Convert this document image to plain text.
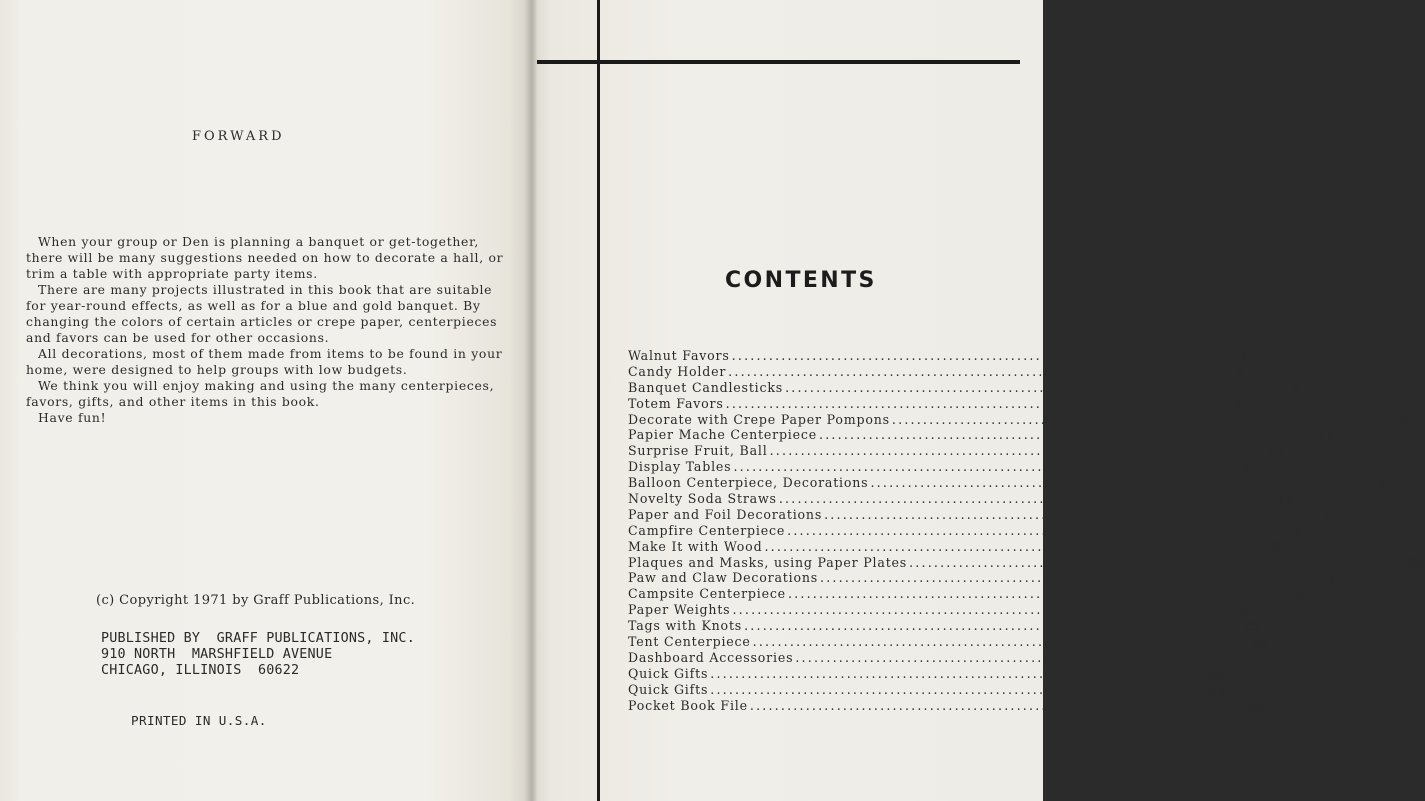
FORWARD

When your group or Den is planning a banquet or get-together, there will be many suggestions needed on how to decorate a hall, or trim a table with appropriate party items.

There are many projects illustrated in this book that are suitable for year-round effects, as well as for a blue and gold banquet. By changing the colors of certain articles or crepe paper, centerpieces and favors can be used for other occasions.

All decorations, most of them made from items to be found in your home, were designed to help groups with low budgets.

We think you will enjoy making and using the many centerpieces, favors, gifts, and other items in this book.

Have fun!

(c) Copyright 1971 by Graff Publications, Inc.
PUBLISHED BY  GRAFF PUBLICATIONS, INC.
910 NORTH  MARSHFIELD AVENUE
CHICAGO, ILLINOIS  60622
PRINTED IN U.S.A.
CONTENTS
Walnut Favors ................................................................................ 4
Candy Holder ................................................................................ 5
Banquet Candlesticks ................................................................................ 6
Totem Favors ................................................................................ 8
Decorate with Crepe Paper Pompons ................................................................................ 9
Papier Mache Centerpiece ................................................................................ 11
Surprise Fruit, Ball ................................................................................ 12
Display Tables ................................................................................ 13
Balloon Centerpiece, Decorations ................................................................................ 14
Novelty Soda Straws ................................................................................ 16
Paper and Foil Decorations ................................................................................ 17
Campfire Centerpiece ................................................................................ 18
Make It with Wood ................................................................................ 19
Plaques and Masks, using Paper Plates ................................................................................ 20
Paw and Claw Decorations ................................................................................ 22
Campsite Centerpiece ................................................................................ 23
Paper Weights ................................................................................ 24
Tags with Knots ................................................................................ 25
Tent Centerpiece ................................................................................ 26
Dashboard Accessories ................................................................................ 27
Quick Gifts ................................................................................ 28
Quick Gifts ................................................................................ 29
Pocket Book File ................................................................................ 30
